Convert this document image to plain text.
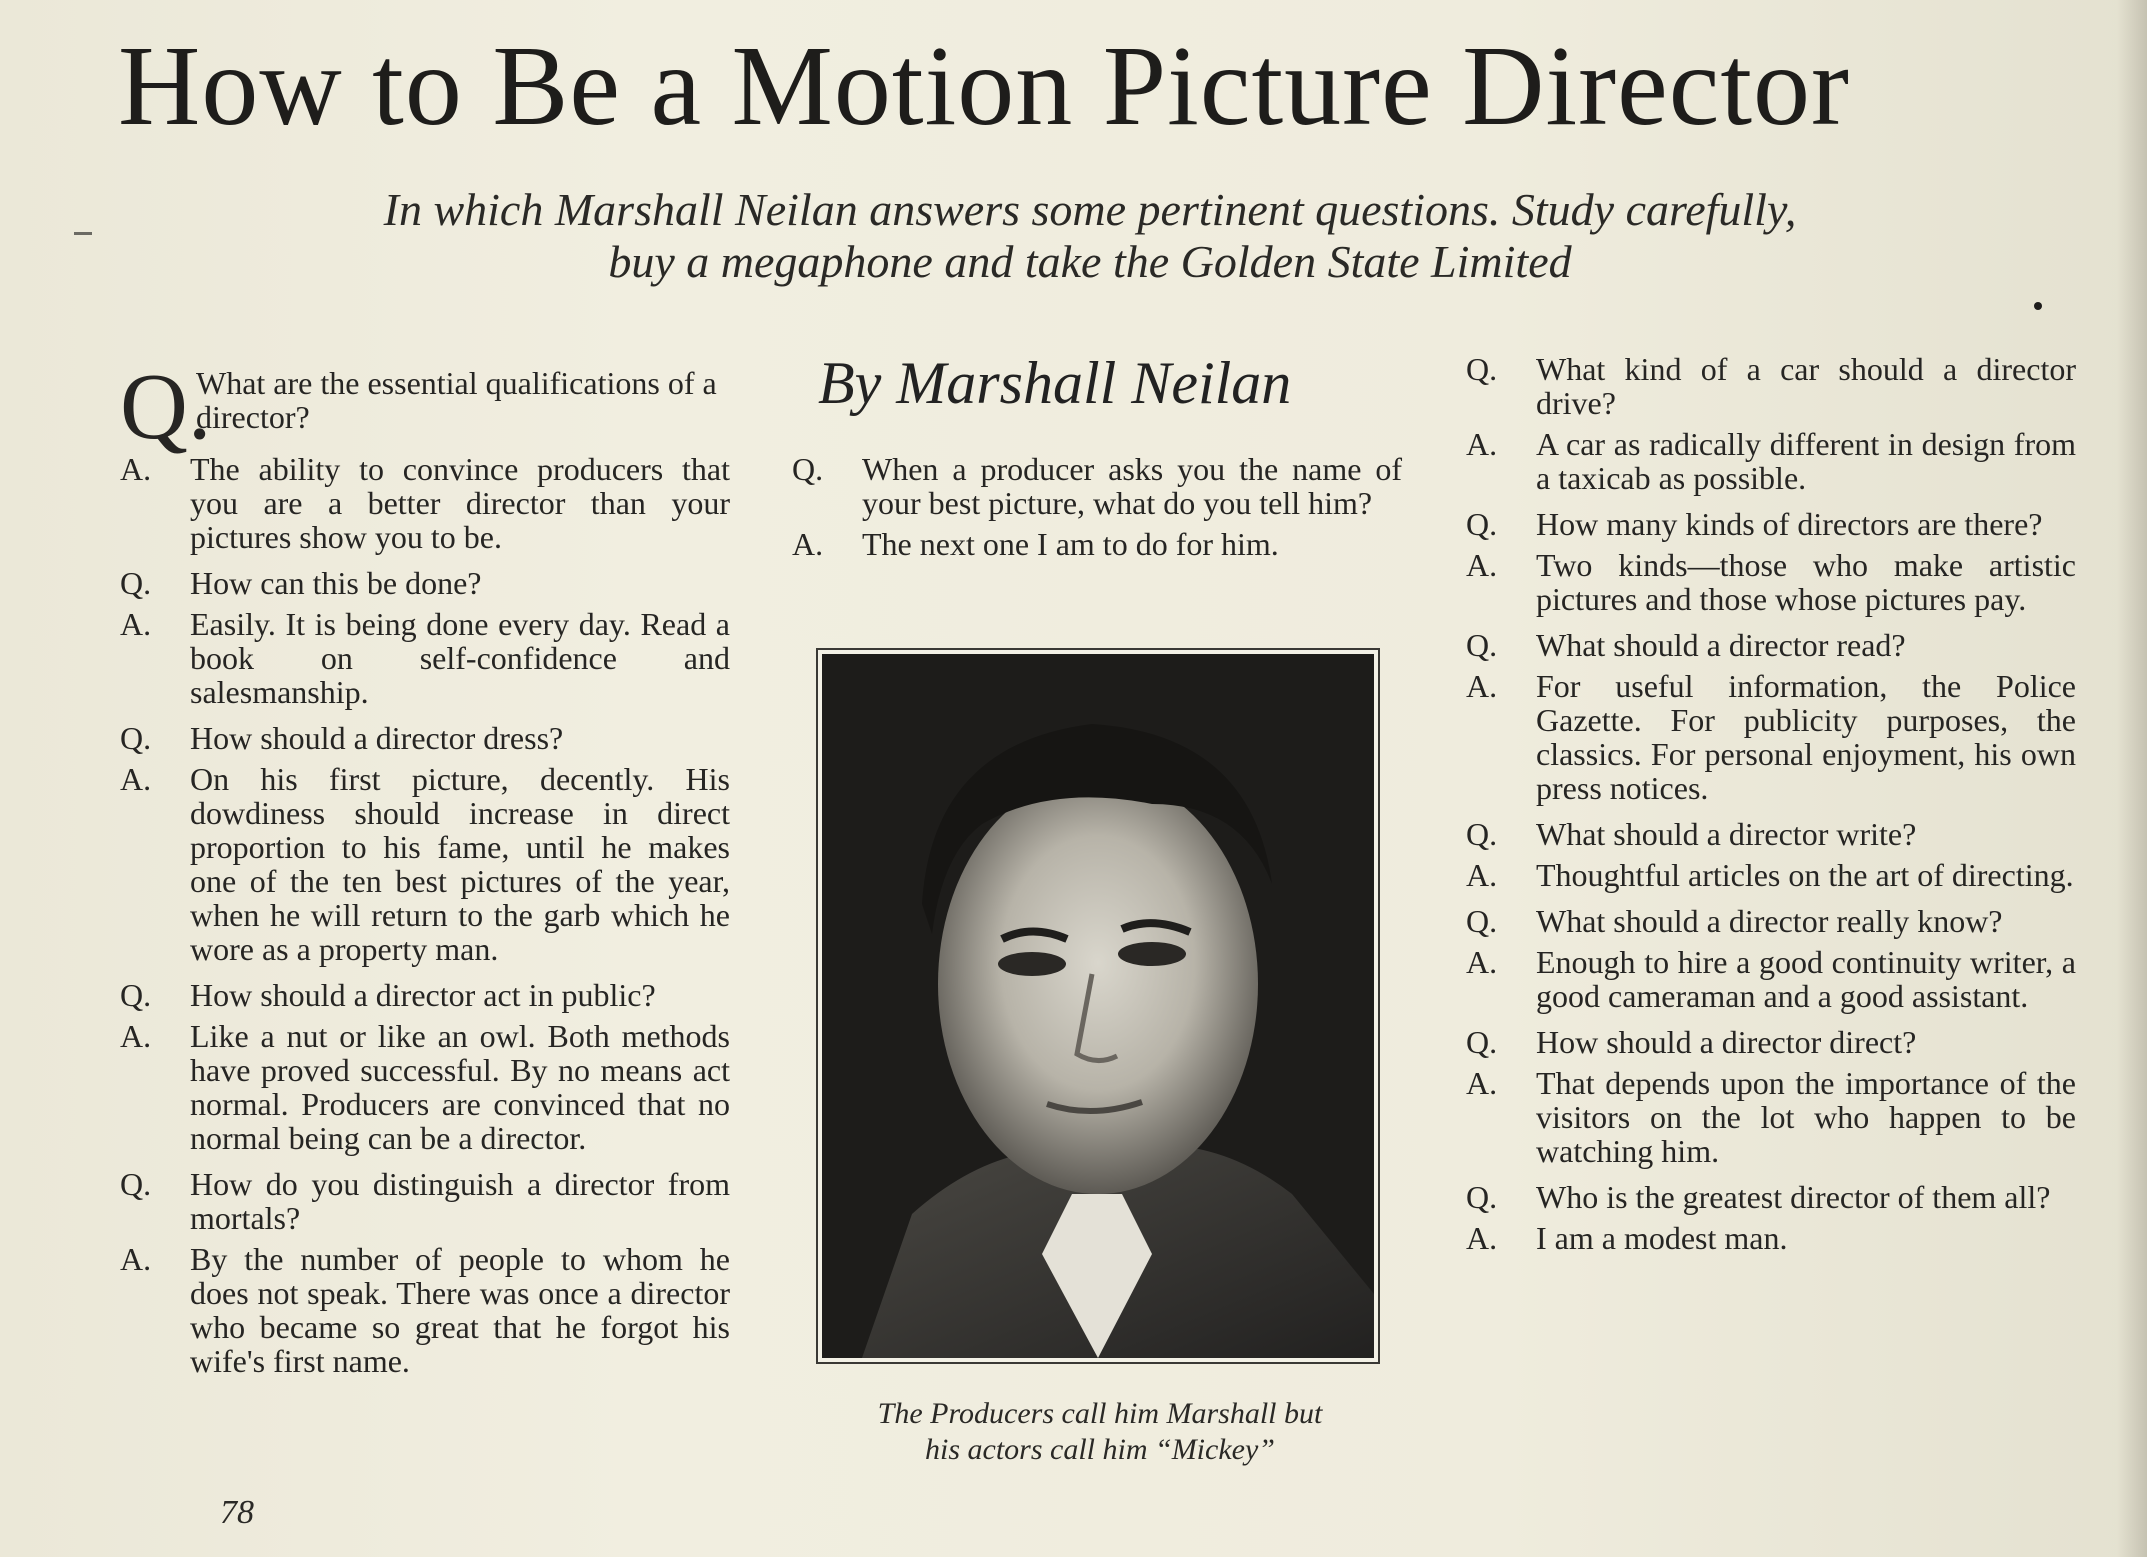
How to Be a Motion Picture Director
In which Marshall Neilan answers some pertinent questions. Study carefully,
buy a megaphone and take the Golden State Limited
By Marshall Neilan
Q.
What are the essential qualifications of a director?
A.	The ability to convince producers that you are a better director than your pictures show you to be.
Q.	How can this be done?
A.	Easily. It is being done every day. Read a book on self-confidence and salesmanship.
Q.	How should a director dress?
A.	On his first picture, decently. His dowdiness should increase in direct proportion to his fame, until he makes one of the ten best pictures of the year, when he will return to the garb which he wore as a property man.
Q.	How should a director act in public?
A.	Like a nut or like an owl. Both methods have proved successful. By no means act normal. Producers are convinced that no normal being can be a director.
Q.	How do you distinguish a director from mortals?
A.	By the number of people to whom he does not speak. There was once a director who became so great that he forgot his wife's first name.
Q.	When a producer asks you the name of your best picture, what do you tell him?
A.	The next one I am to do for him.
The Producers call him Marshall but
his actors call him “Mickey”
Q.	What kind of a car should a director drive?
A.	A car as radically different in design from a taxicab as possible.
Q.	How many kinds of directors are there?
A.	Two kinds—those who make artistic pictures and those whose pictures pay.
Q.	What should a director read?
A.	For useful information, the Police Gazette. For publicity purposes, the classics. For personal enjoyment, his own press notices.
Q.	What should a director write?
A.	Thoughtful articles on the art of directing.
Q.	What should a director really know?
A.	Enough to hire a good continuity writer, a good cameraman and a good assistant.
Q.	How should a director direct?
A.	That depends upon the importance of the visitors on the lot who happen to be watching him.
Q.	Who is the greatest director of them all?
A.	I am a modest man.
78
